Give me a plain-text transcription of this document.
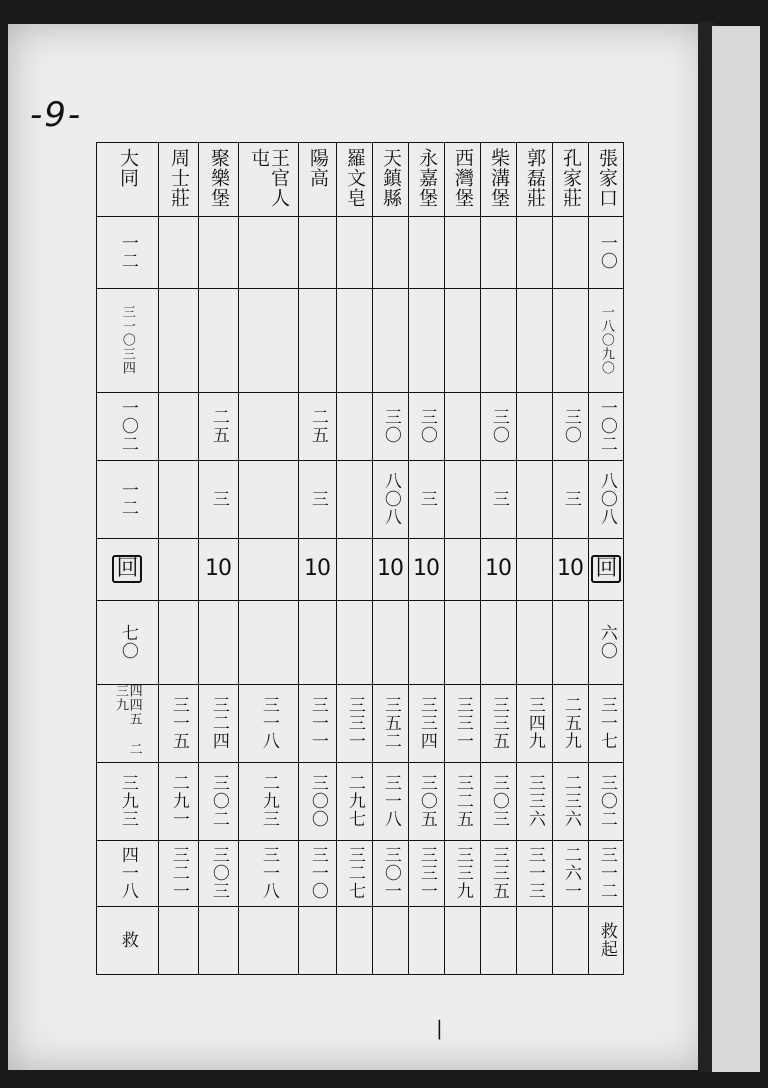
-9-
張家口
一〇
一八〇九〇
一〇二
八〇八
回
六〇
三一七
三〇二
三一二
救起
孔家莊
三〇
三
10
二五九
二三六
二六一
郭磊莊
三四九
三三六
三一三
柴溝堡
三〇
三
10
三三五
三〇三
三三五
西灣堡
三三一
三二五
三三九
永嘉堡
三〇
三
10
三三四
三〇五
三三一
天鎮縣
三〇
八〇八
10
三五二
三一八
三〇一
羅文皂
三三一
二九七
三二七
陽高
二五
三
10
三一一
三〇〇
三一〇
王官人屯
三一八
二九三
三一八
聚樂堡
二五
三
10
三二四
三〇二
三〇三
周士莊
三一五
二九一
三二一
大同
一二
三一〇三四
一〇二
一二
回
七〇
四四五 二三九
三九三
四一八
救
|
